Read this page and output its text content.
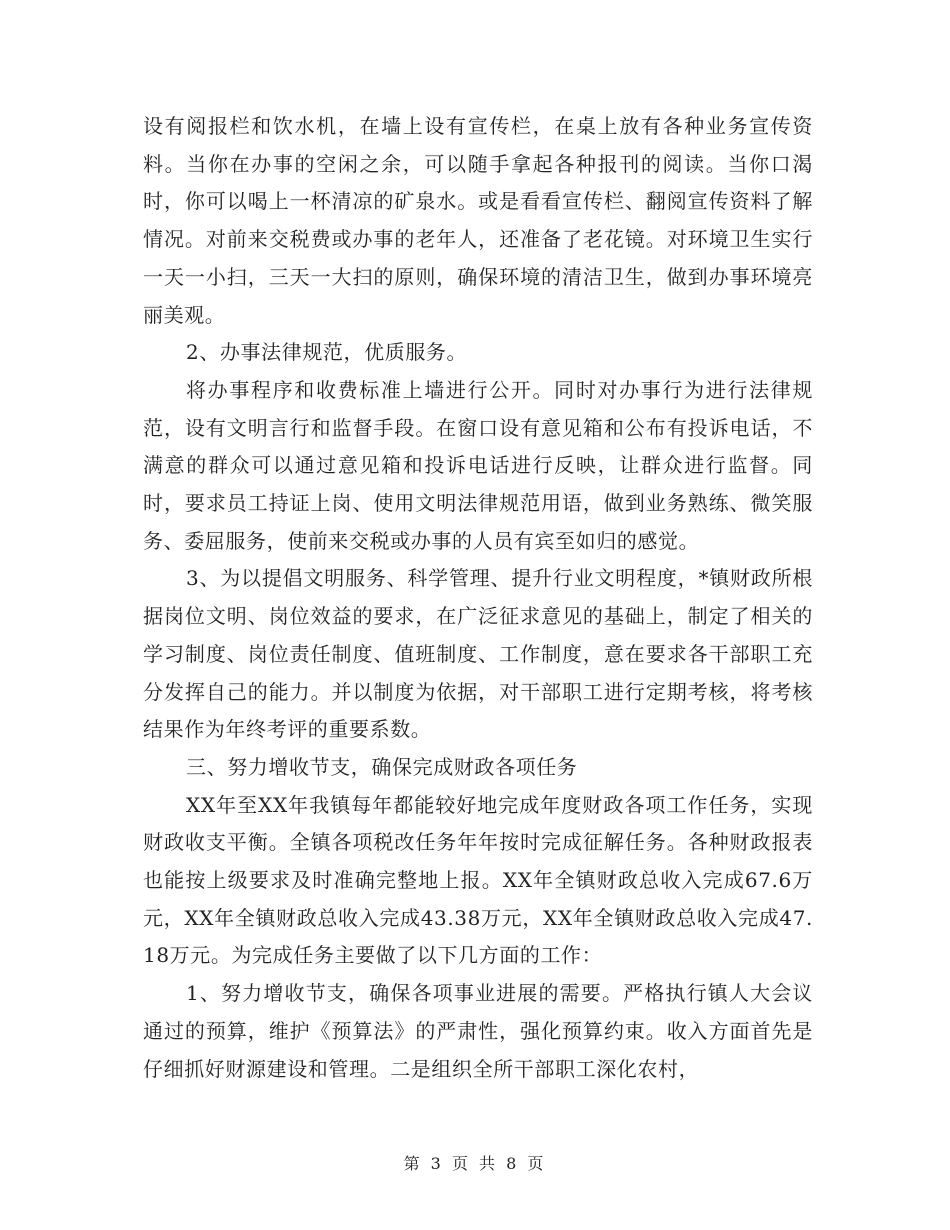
设有阅报栏和饮水机，在墙上设有宣传栏，在桌上放有各种业务宣传资料。当你在办事的空闲之余，可以随手拿起各种报刊的阅读。当你口渴时，你可以喝上一杯清凉的矿泉水。或是看看宣传栏、翻阅宣传资料了解情况。对前来交税费或办事的老年人，还准备了老花镜。对环境卫生实行一天一小扫，三天一大扫的原则，确保环境的清洁卫生，做到办事环境亮丽美观。

2、办事法律规范，优质服务。

将办事程序和收费标准上墙进行公开。同时对办事行为进行法律规范，设有文明言行和监督手段。在窗口设有意见箱和公布有投诉电话，不满意的群众可以通过意见箱和投诉电话进行反映，让群众进行监督。同时，要求员工持证上岗、使用文明法律规范用语，做到业务熟练、微笑服务、委屈服务，使前来交税或办事的人员有宾至如归的感觉。

3、为以提倡文明服务、科学管理、提升行业文明程度，*镇财政所根据岗位文明、岗位效益的要求，在广泛征求意见的基础上，制定了相关的学习制度、岗位责任制度、值班制度、工作制度，意在要求各干部职工充分发挥自己的能力。并以制度为依据，对干部职工进行定期考核，将考核结果作为年终考评的重要系数。

三、努力增收节支，确保完成财政各项任务

XX年至XX年我镇每年都能较好地完成年度财政各项工作任务，实现财政收支平衡。全镇各项税改任务年年按时完成征解任务。各种财政报表也能按上级要求及时准确完整地上报。XX年全镇财政总收入完成67.6万元，XX年全镇财政总收入完成43.38万元，XX年全镇财政总收入完成47.18万元。为完成任务主要做了以下几方面的工作：

1、努力增收节支，确保各项事业进展的需要。严格执行镇人大会议通过的预算，维护《预算法》的严肃性，强化预算约束。收入方面首先是仔细抓好财源建设和管理。二是组织全所干部职工深化农村，

第 3 页 共 8 页
